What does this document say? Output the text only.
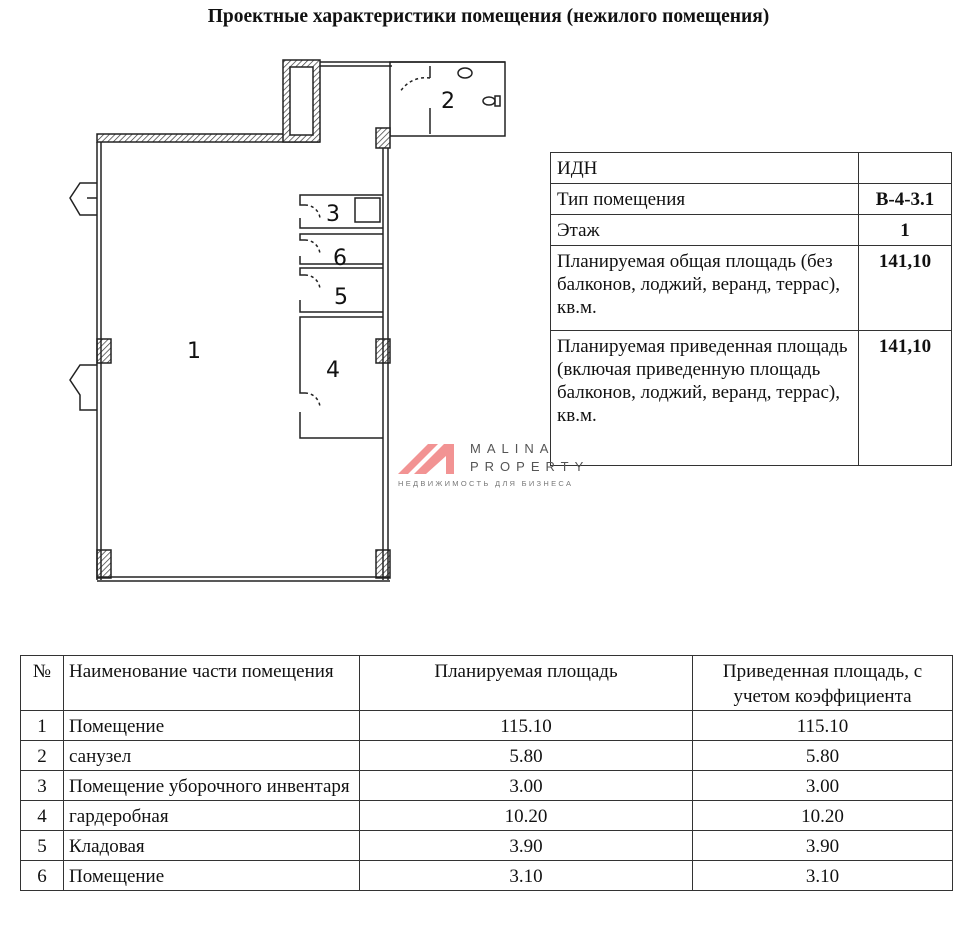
Проектные характеристики помещения (нежилого помещения)
1
2
3
4
5
6
ИДН	
Тип помещения	В-4-3.1
Этаж	1
Планируемая общая площадь (без балконов, лоджий, веранд, террас), кв.м.	141,10
Планируемая приведенная площадь
(включая приведенную площадь балконов, лоджий, веранд, террас), кв.м.	141,10
MALINA
PROPERTY
НЕДВИЖИМОСТЬ ДЛЯ БИЗНЕСА
№	Наименование части помещения	Планируемая площадь	Приведенная площадь, с учетом коэффициента
1	Помещение	115.10	115.10
2	санузел	5.80	5.80
3	Помещение уборочного инвентаря	3.00	3.00
4	гардеробная	10.20	10.20
5	Кладовая	3.90	3.90
6	Помещение	3.10	3.10
